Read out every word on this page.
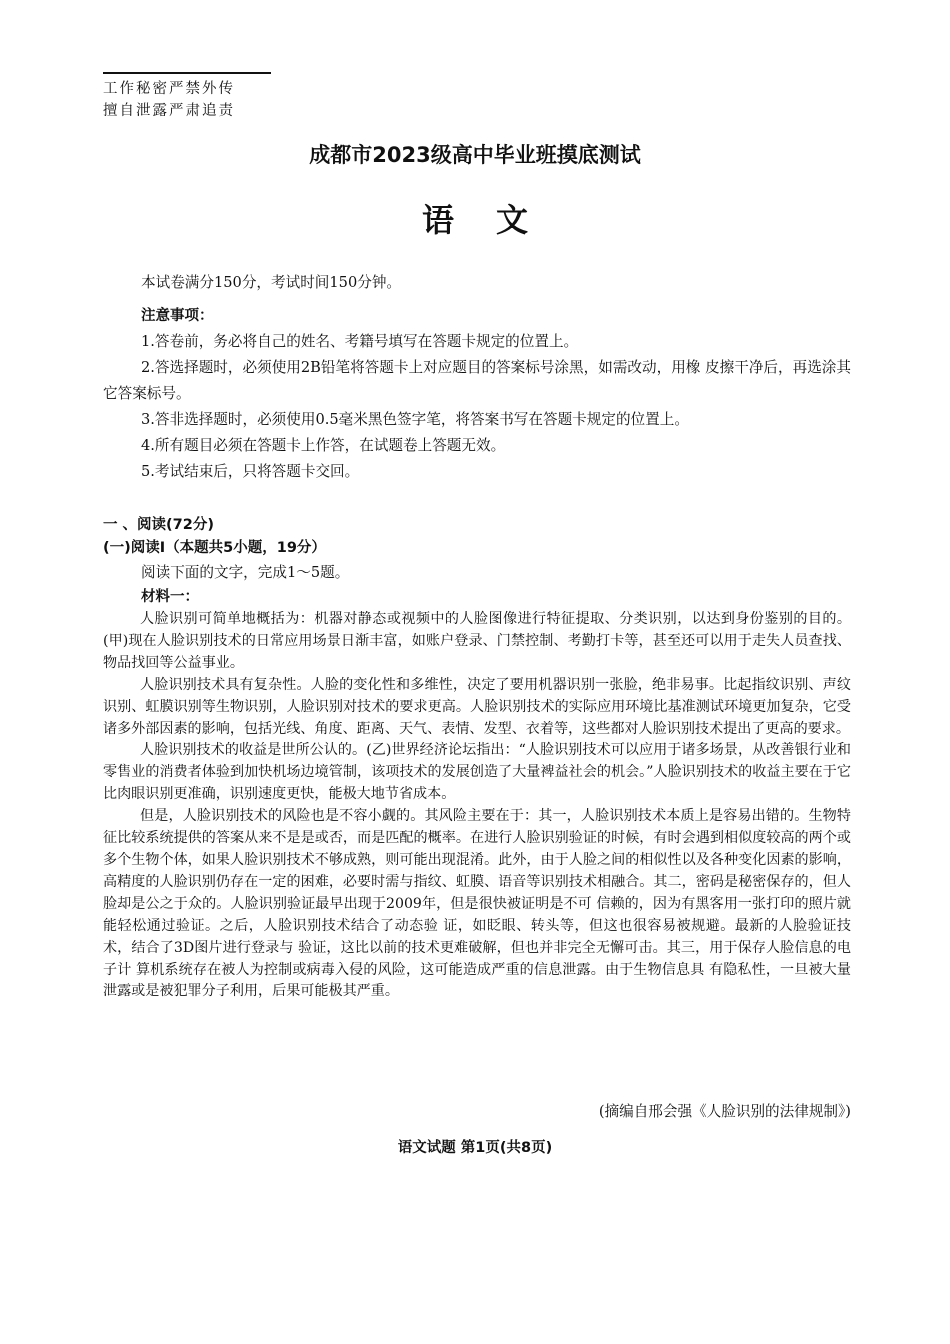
工作秘密严禁外传
擅自泄露严肃追责
成都市2023级高中毕业班摸底测试
语文
本试卷满分150分，考试时间150分钟。
注意事项：

1.答卷前，务必将自己的姓名、考籍号填写在答题卡规定的位置上。

2.答选择题时，必须使用2B铅笔将答题卡上对应题目的答案标号涂黑，如需改动，用橡 皮擦干净后，再选涂其它答案标号。

3.答非选择题时，必须使用0.5毫米黑色签字笔，将答案书写在答题卡规定的位置上。

4.所有题目必须在答题卡上作答，在试题卷上答题无效。

5.考试结束后，只将答题卡交回。

一 、阅读(72分)
(一)阅读I（本题共5小题，19分）
阅读下面的文字，完成1～5题。
材料一：

人脸识别可简单地概括为：机器对静态或视频中的人脸图像进行特征提取、分类识别，以达到身份鉴别的目的。(甲)现在人脸识别技术的日常应用场景日渐丰富，如账户登录、门禁控制、考勤打卡等，甚至还可以用于走失人员查找、物品找回等公益事业。

人脸识别技术具有复杂性。人脸的变化性和多维性，决定了要用机器识别一张脸，绝非易事。比起指纹识别、声纹识别、虹膜识别等生物识别，人脸识别对技术的要求更高。人脸识别技术的实际应用环境比基准测试环境更加复杂，它受诸多外部因素的影响，包括光线、角度、距离、天气、表情、发型、衣着等，这些都对人脸识别技术提出了更高的要求。

人脸识别技术的收益是世所公认的。(乙)世界经济论坛指出：“人脸识别技术可以应用于诸多场景，从改善银行业和零售业的消费者体验到加快机场边境管制，该项技术的发展创造了大量裨益社会的机会。”人脸识别技术的收益主要在于它比肉眼识别更准确，识别速度更快，能极大地节省成本。

但是，人脸识别技术的风险也是不容小觑的。其风险主要在于：其一，人脸识别技术本质上是容易出错的。生物特征比较系统提供的答案从来不是是或否，而是匹配的概率。在进行人脸识别验证的时候，有时会遇到相似度较高的两个或多个生物个体，如果人脸识别技术不够成熟，则可能出现混淆。此外，由于人脸之间的相似性以及各种变化因素的影响，高精度的人脸识别仍存在一定的困难，必要时需与指纹、虹膜、语音等识别技术相融合。其二，密码是秘密保存的，但人脸却是公之于众的。人脸识别验证最早出现于2009年，但是很快被证明是不可 信赖的，因为有黑客用一张打印的照片就能轻松通过验证。之后，人脸识别技术结合了动态验 证，如眨眼、转头等，但这也很容易被规避。最新的人脸验证技术，结合了3D图片进行登录与 验证，这比以前的技术更难破解，但也并非完全无懈可击。其三，用于保存人脸信息的电子计 算机系统存在被人为控制或病毒入侵的风险，这可能造成严重的信息泄露。由于生物信息具 有隐私性，一旦被大量泄露或是被犯罪分子利用，后果可能极其严重。

(摘编自邢会强《人脸识别的法律规制》)
语文试题 第1页(共8页)
